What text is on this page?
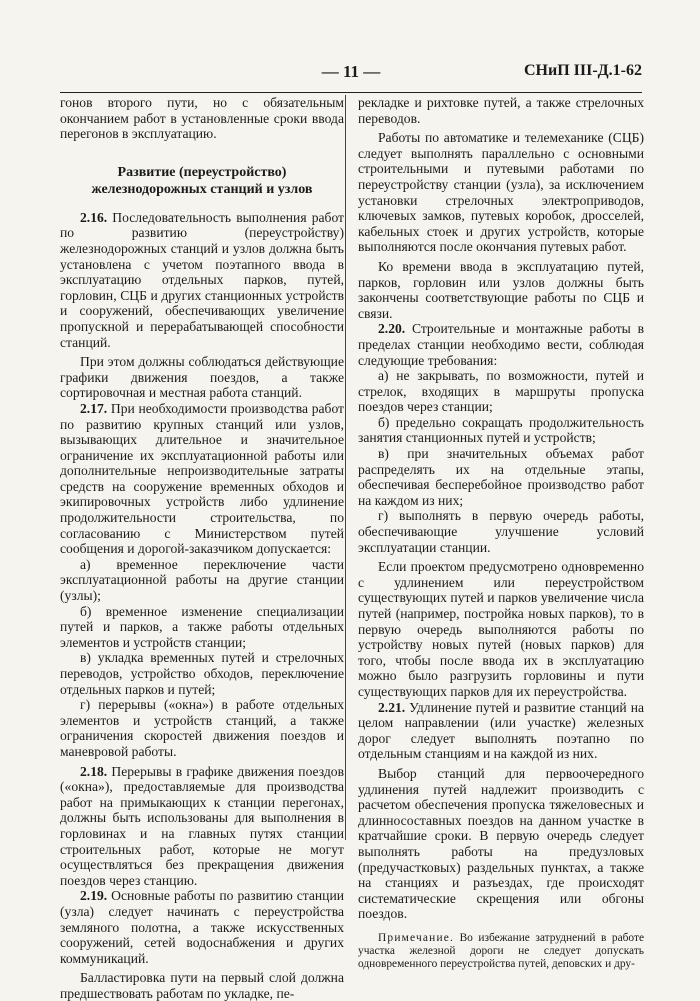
— 11 —	СНиП III-Д.1-62

гонов второго пути, но с обязательным окончанием работ в установленные сроки ввода перегонов в эксплуатацию.

Развитие (переустройство) железнодорожных станций и узлов

2.16. Последовательность выполнения работ по развитию (переустройству) железнодорожных станций и узлов должна быть установлена с учетом поэтапного ввода в эксплуатацию отдельных парков, путей, горловин, СЦБ и других станционных устройств и сооружений, обеспечивающих увеличение пропускной и перерабатывающей способности станций.

При этом должны соблюдаться действующие графики движения поездов, а также сортировочная и местная работа станций.

2.17. При необходимости производства работ по развитию крупных станций или узлов, вызывающих длительное и значительное ограничение их эксплуатационной работы или дополнительные непроизводительные затраты средств на сооружение временных обходов и экипировочных устройств либо удлинение продолжительности строительства, по согласованию с Министерством путей сообщения и дорогой-заказчиком допускается:

а) временное переключение части эксплуатационной работы на другие станции (узлы);

б) временное изменение специализации путей и парков, а также работы отдельных элементов и устройств станции;

в) укладка временных путей и стрелочных переводов, устройство обходов, переключение отдельных парков и путей;

г) перерывы («окна») в работе отдельных элементов и устройств станций, а также ограничения скоростей движения поездов и маневровой работы.

2.18. Перерывы в графике движения поездов («окна»), предоставляемые для производства работ на примыкающих к станции перегонах, должны быть использованы для выполнения в горловинах и на главных путях станции строительных работ, которые не могут осуществляться без прекращения движения поездов через станцию.

2.19. Основные работы по развитию станции (узла) следует начинать с переустройства земляного полотна, а также искусственных сооружений, сетей водоснабжения и других коммуникаций.

Балластировка пути на первый слой должна предшествовать работам по укладке, пе-

рекладке и рихтовке путей, а также стрелочных переводов.

Работы по автоматике и телемеханике (СЦБ) следует выполнять параллельно с основными строительными и путевыми работами по переустройству станции (узла), за исключением установки стрелочных электроприводов, ключевых замков, путевых коробок, дросселей, кабельных стоек и других устройств, которые выполняются после окончания путевых работ.

Ко времени ввода в эксплуатацию путей, парков, горловин или узлов должны быть закончены соответствующие работы по СЦБ и связи.

2.20. Строительные и монтажные работы в пределах станции необходимо вести, соблюдая следующие требования:

а) не закрывать, по возможности, путей и стрелок, входящих в маршруты пропуска поездов через станции;

б) предельно сокращать продолжительность занятия станционных путей и устройств;

в) при значительных объемах работ распределять их на отдельные этапы, обеспечивая бесперебойное производство работ на каждом из них;

г) выполнять в первую очередь работы, обеспечивающие улучшение условий эксплуатации станции.

Если проектом предусмотрено одновременно с удлинением или переустройством существующих путей и парков увеличение числа путей (например, постройка новых парков), то в первую очередь выполняются работы по устройству новых путей (новых парков) для того, чтобы после ввода их в эксплуатацию можно было разгрузить горловины и пути существующих парков для их переустройства.

2.21. Удлинение путей и развитие станций на целом направлении (или участке) железных дорог следует выполнять поэтапно по отдельным станциям и на каждой из них.

Выбор станций для первоочередного удлинения путей надлежит производить с расчетом обеспечения пропуска тяжеловесных и длинносоставных поездов на данном участке в кратчайшие сроки. В первую очередь следует выполнять работы на предузловых (предучастковых) раздельных пунктах, а также на станциях и разъездах, где происходят систематические скрещения или обгоны поездов.

Примечание. Во избежание затруднений в работе участка железной дороги не следует допускать одновременного переустройства путей, деповских и дру-
